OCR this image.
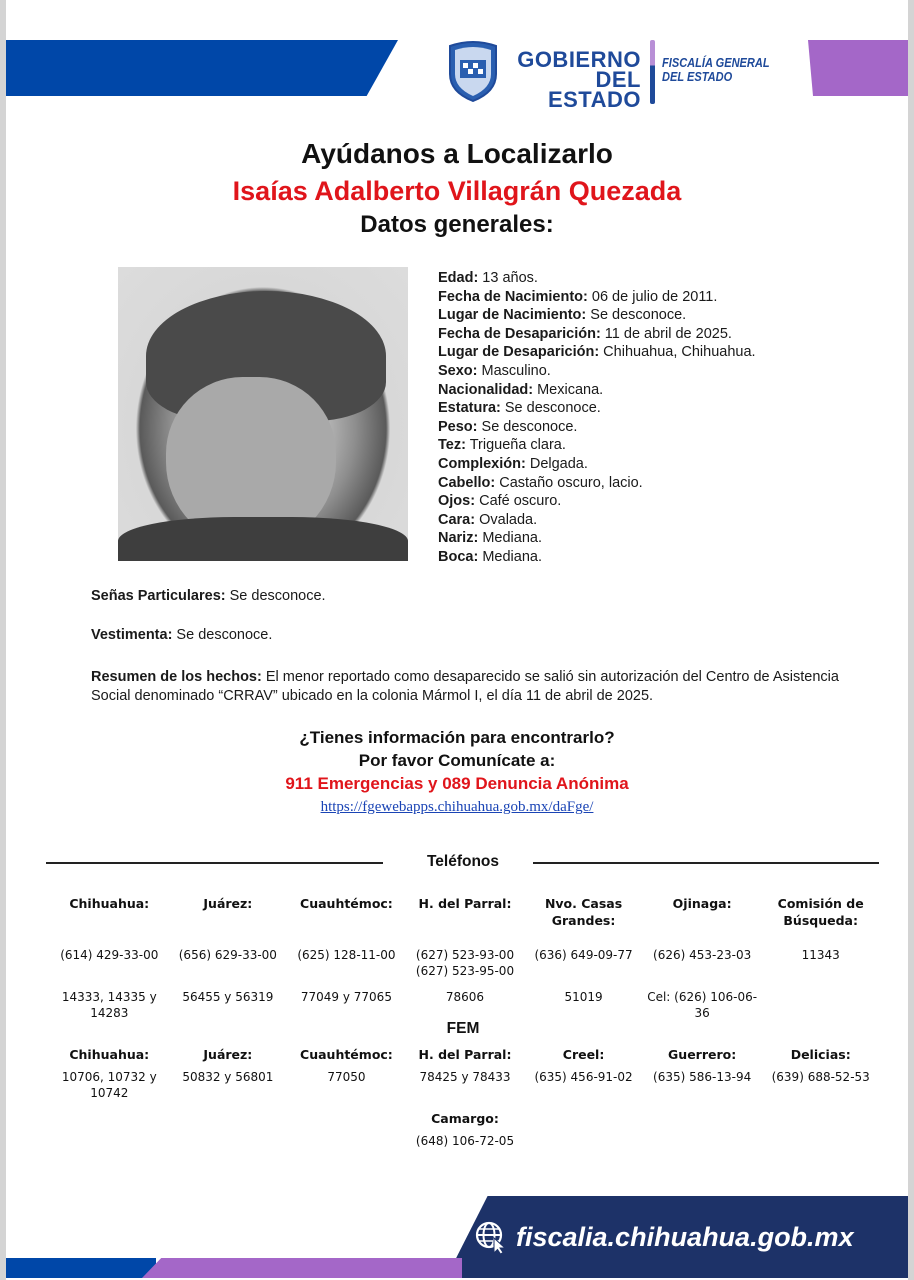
GOBIERNO
DEL ESTADO
FISCALÍA GENERAL
DEL ESTADO
Ayúdanos a Localizarlo
Isaías Adalberto Villagrán Quezada
Datos generales:
Edad: 13 años.
Fecha de Nacimiento: 06 de julio de 2011.
Lugar de Nacimiento: Se desconoce.
Fecha de Desaparición: 11 de abril de 2025.
Lugar de Desaparición: Chihuahua, Chihuahua.
Sexo: Masculino.
Nacionalidad: Mexicana.
Estatura: Se desconoce.
Peso: Se desconoce.
Tez: Trigueña clara.
Complexión: Delgada.
Cabello: Castaño oscuro, lacio.
Ojos: Café oscuro.
Cara: Ovalada.
Nariz: Mediana.
Boca: Mediana.
Señas Particulares: Se desconoce.
Vestimenta: Se desconoce.
Resumen de los hechos: El menor reportado como desaparecido se salió sin autorización del Centro de Asistencia Social denominado “CRRAV” ubicado en la colonia Mármol I, el día 11 de abril de 2025.
¿Tienes información para encontrarlo?
Por favor Comunícate a:
911 Emergencias y 089 Denuncia Anónima
https://fgewebapps.chihuahua.gob.mx/daFge/
Teléfonos
Chihuahua:
(614) 429-33-00
14333, 14335 y 14283
Juárez:
(656) 629-33-00
56455 y 56319
Cuauhtémoc:
(625) 128-11-00
77049 y 77065
H. del Parral:
(627) 523-93-00 (627) 523-95-00
78606
Nvo. Casas Grandes:
(636) 649-09-77
51019
Ojinaga:
(626) 453-23-03
Cel: (626) 106-06-36
Comisión de Búsqueda:
11343
FEM
Chihuahua:
10706, 10732 y 10742
Juárez:
50832 y 56801
Cuauhtémoc:
77050
H. del Parral:
78425 y 78433
Creel:
(635) 456-91-02
Guerrero:
(635) 586-13-94
Delicias:
(639) 688-52-53
Camargo:
(648) 106-72-05
fiscalia.chihuahua.gob.mx
